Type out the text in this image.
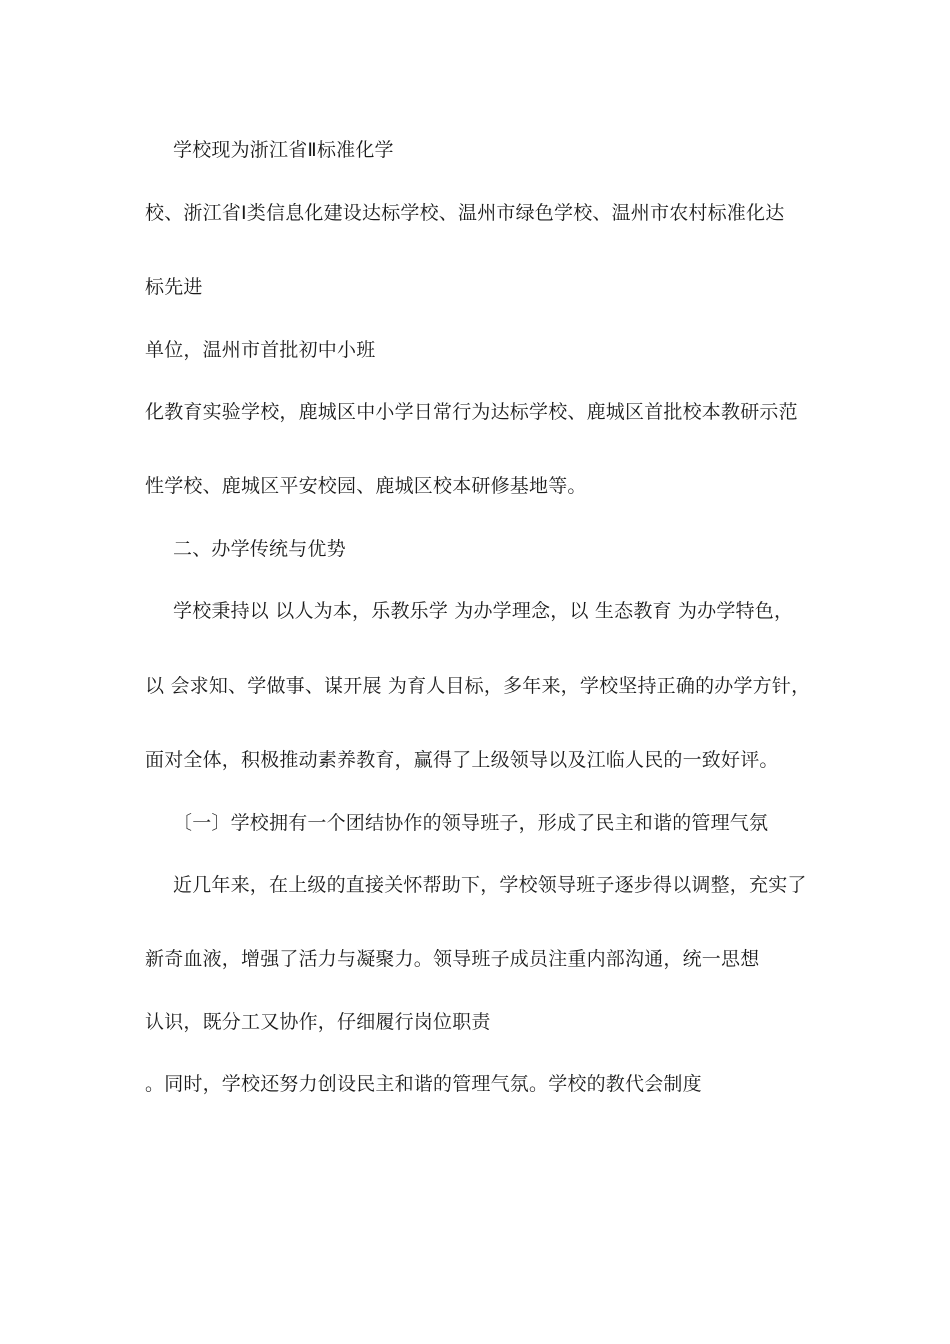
学校现为浙江省Ⅱ标准化学
校、浙江省Ⅰ类信息化建设达标学校、温州市绿色学校、温州市农村标准化达
标先进
单位，温州市首批初中小班
化教育实验学校，鹿城区中小学日常行为达标学校、鹿城区首批校本教研示范
性学校、鹿城区平安校园、鹿城区校本研修基地等。
二、办学传统与优势
学校秉持以 以人为本，乐教乐学 为办学理念，以 生态教育 为办学特色，
以 会求知、学做事、谋开展 为育人目标，多年来，学校坚持正确的办学方针，
面对全体，积极推动素养教育，赢得了上级领导以及江临人民的一致好评。
〔一〕学校拥有一个团结协作的领导班子，形成了民主和谐的管理气氛
近几年来，在上级的直接关怀帮助下，学校领导班子逐步得以调整，充实了
新奇血液，增强了活力与凝聚力。领导班子成员注重内部沟通，统一思想
认识，既分工又协作，仔细履行岗位职责
。同时，学校还努力创设民主和谐的管理气氛。学校的教代会制度
